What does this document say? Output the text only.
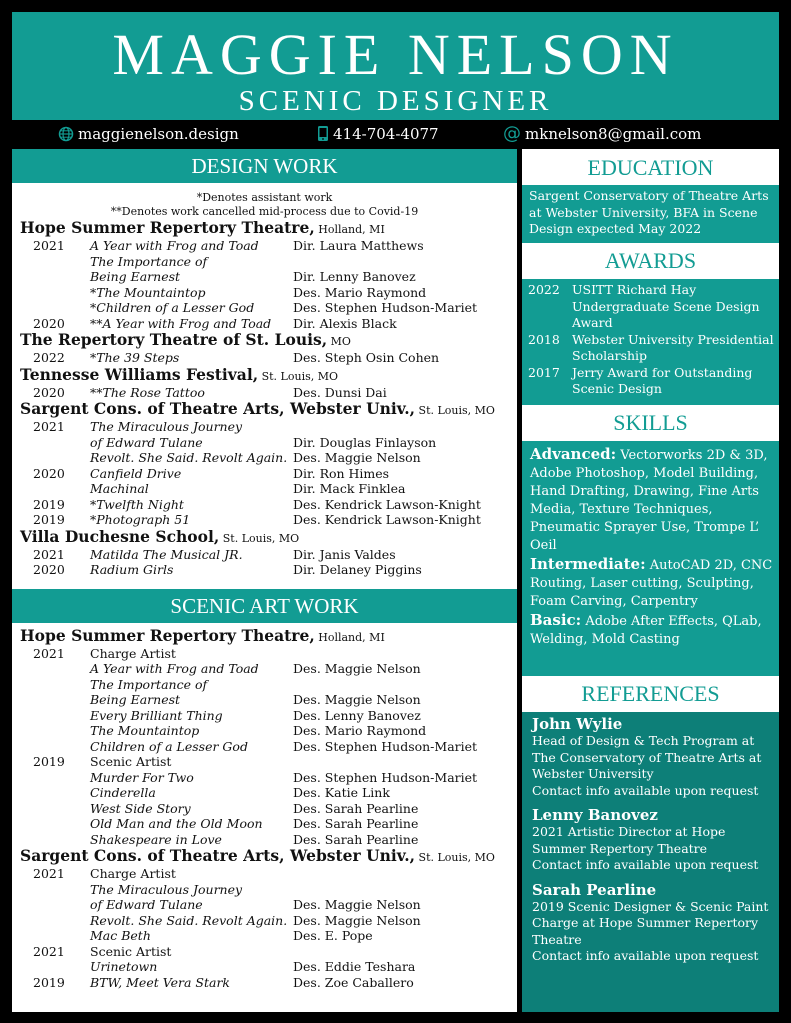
MAGGIE NELSON
SCENIC DESIGNER
maggienelson.design	414-704-4077	@ mknelson8@gmail.com
DESIGN WORK
*Denotes assistant work
**Denotes work cancelled mid-process due to Covid-19
Hope Summer Repertory Theatre, Holland, MI
2021 A Year with Frog and Toad	Dir. Laura Matthews
The Importance of
Being Earnest	Dir. Lenny Banovez
*The Mountaintop	Des. Mario Raymond
*Children of a Lesser God	Des. Stephen Hudson-Mariet
2020 **A Year with Frog and Toad Dir. Alexis Black
The Repertory Theatre of St. Louis, MO
2022 *The 39 Steps	Des. Steph Osin Cohen
Tennesse Williams Festival, St. Louis, MO
2020 **The Rose Tattoo	Des. Dunsi Dai
Sargent Cons. of Theatre Arts, Webster Univ., St. Louis, MO
2021 The Miraculous Journey
of Edward Tulane	Dir. Douglas Finlayson
Revolt. She Said. Revolt Again. Des. Maggie Nelson
2020 Canfield Drive	Dir. Ron Himes
Machinal	Dir. Mack Finklea
2019 *Twelfth Night	Des. Kendrick Lawson-Knight
2019 *Photograph 51	Des. Kendrick Lawson-Knight
Villa Duchesne School, St. Louis, MO
2021 Matilda The Musical JR.	Dir. Janis Valdes
2020 Radium Girls	Dir. Delaney Piggins
SCENIC ART WORK
Hope Summer Repertory Theatre, Holland, MI
2021 Charge Artist
A Year with Frog and Toad	Des. Maggie Nelson
The Importance of
Being Earnest	Des. Maggie Nelson
Every Brilliant Thing	Des. Lenny Banovez
The Mountaintop	Des. Mario Raymond
Children of a Lesser God	Des. Stephen Hudson-Mariet
2019 Scenic Artist
Murder For Two	Des. Stephen Hudson-Mariet
Cinderella	Des. Katie Link
West Side Story	Des. Sarah Pearline
Old Man and the Old Moon Des. Sarah Pearline
Shakespeare in Love	Des. Sarah Pearline
Sargent Cons. of Theatre Arts, Webster Univ., St. Louis, MO
2021 Charge Artist
The Miraculous Journey
of Edward Tulane	Des. Maggie Nelson
Revolt. She Said. Revolt Again. Des. Maggie Nelson
Mac Beth	Des. E. Pope
2021 Scenic Artist
Urinetown	Des. Eddie Teshara
2019 BTW, Meet Vera Stark	Des. Zoe Caballero
EDUCATION
Sargent Conservatory of Theatre Arts at Webster University, BFA in Scene Design expected May 2022
AWARDS
2022 USITT Richard Hay Undergraduate Scene Design Award
2018 Webster University Presidential Scholarship
2017 Jerry Award for Outstanding Scenic Design
SKILLS
Advanced: Vectorworks 2D & 3D, Adobe Photoshop, Model Building, Hand Drafting, Drawing, Fine Arts Media, Texture Techniques, Pneumatic Sprayer Use, Trompe L’ Oeil
Intermediate: AutoCAD 2D, CNC Routing, Laser cutting, Sculpting, Foam Carving, Carpentry
Basic: Adobe After Effects, QLab, Welding, Mold Casting
REFERENCES
John Wylie
Head of Design & Tech Program at The Conservatory of Theatre Arts at Webster University
Contact info available upon request
Lenny Banovez
2021 Artistic Director at Hope Summer Repertory Theatre
Contact info available upon request
Sarah Pearline
2019 Scenic Designer & Scenic Paint Charge at Hope Summer Repertory Theatre
Contact info available upon request
